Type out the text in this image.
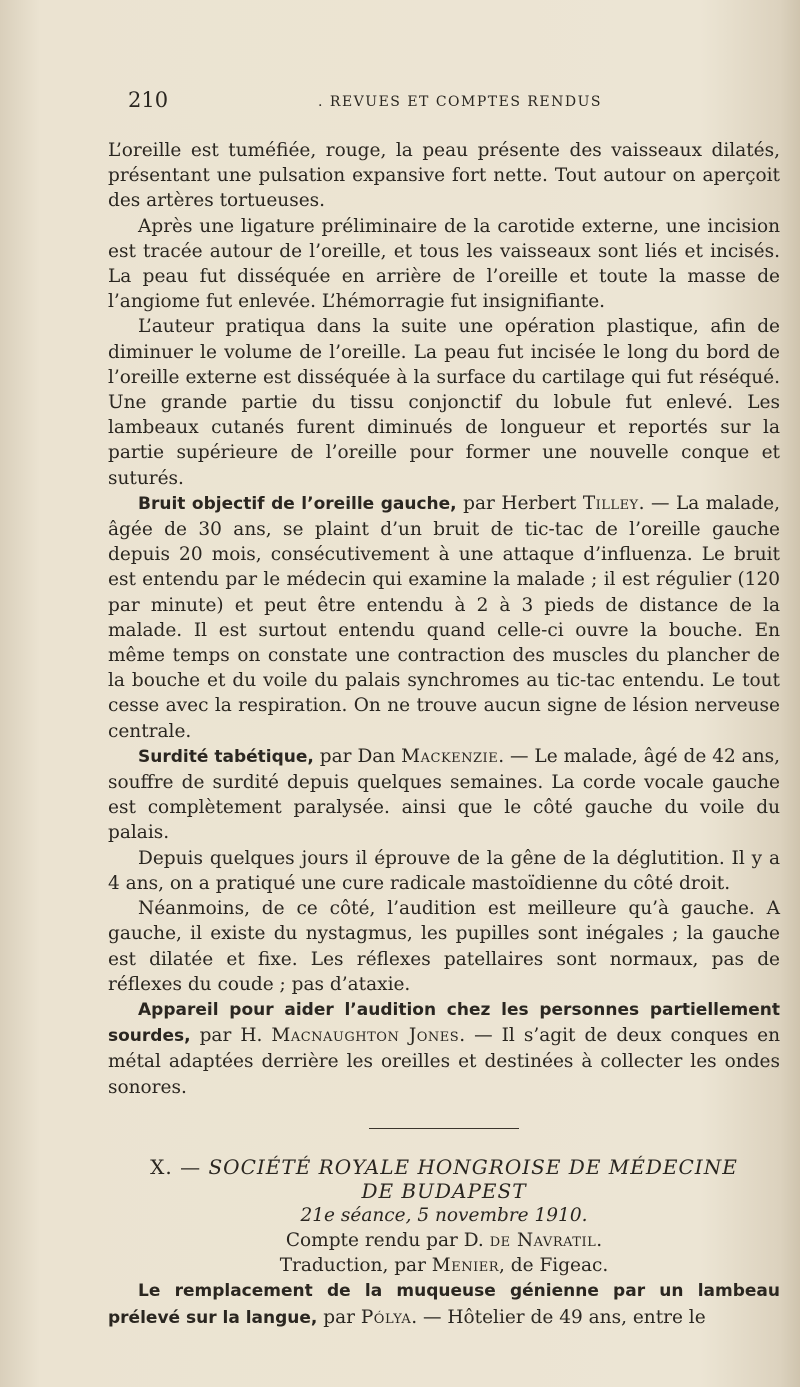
210	. REVUES ET COMPTES RENDUS

L’oreille est tuméfiée, rouge, la peau présente des vaisseaux dilatés, présentant une pulsation expansive fort nette. Tout autour on aperçoit des artères tortueuses.

Après une ligature préliminaire de la carotide externe, une incision est tracée autour de l’oreille, et tous les vaisseaux sont liés et incisés. La peau fut disséquée en arrière de l’oreille et toute la masse de l’angiome fut enlevée. L’hémorragie fut insignifiante.

L’auteur pratiqua dans la suite une opération plastique, afin de diminuer le volume de l’oreille. La peau fut incisée le long du bord de l’oreille externe est disséquée à la surface du cartilage qui fut réséqué. Une grande partie du tissu conjonctif du lobule fut enlevé. Les lambeaux cutanés furent diminués de longueur et reportés sur la partie supérieure de l’oreille pour former une nouvelle conque et suturés.

Bruit objectif de l’oreille gauche, par Herbert Tilley. — La malade, âgée de 30 ans, se plaint d’un bruit de tic-tac de l’oreille gauche depuis 20 mois, consécutivement à une attaque d’influenza. Le bruit est entendu par le médecin qui examine la malade ; il est régulier (120 par minute) et peut être entendu à 2 à 3 pieds de distance de la malade. Il est surtout entendu quand celle-ci ouvre la bouche. En même temps on constate une contraction des muscles du plancher de la bouche et du voile du palais synchromes au tic-tac entendu. Le tout cesse avec la respiration. On ne trouve aucun signe de lésion nerveuse centrale.

Surdité tabétique, par Dan Mackenzie. — Le malade, âgé de 42 ans, souffre de surdité depuis quelques semaines. La corde vocale gauche est complètement paralysée. ainsi que le côté gauche du voile du palais.

Depuis quelques jours il éprouve de la gêne de la déglutition. Il y a 4 ans, on a pratiqué une cure radicale mastoïdienne du côté droit.

Néanmoins, de ce côté, l’audition est meilleure qu’à gauche. A gauche, il existe du nystagmus, les pupilles sont inégales ; la gauche est dilatée et fixe. Les réflexes patellaires sont normaux, pas de réflexes du coude ; pas d’ataxie.

Appareil pour aider l’audition chez les personnes partiellement sourdes, par H. Macnaughton Jones. — Il s’agit de deux conques en métal adaptées derrière les oreilles et destinées à collecter les ondes sonores.

X. — SOCIÉTÉ ROYALE HONGROISE DE MÉDECINE
DE BUDAPEST

21e séance, 5 novembre 1910.

Compte rendu par D. de Navratil.

Traduction, par Menier, de Figeac.

Le remplacement de la muqueuse génienne par un lambeau prélevé sur la langue, par Pólya. — Hôtelier de 49 ans, entre le
